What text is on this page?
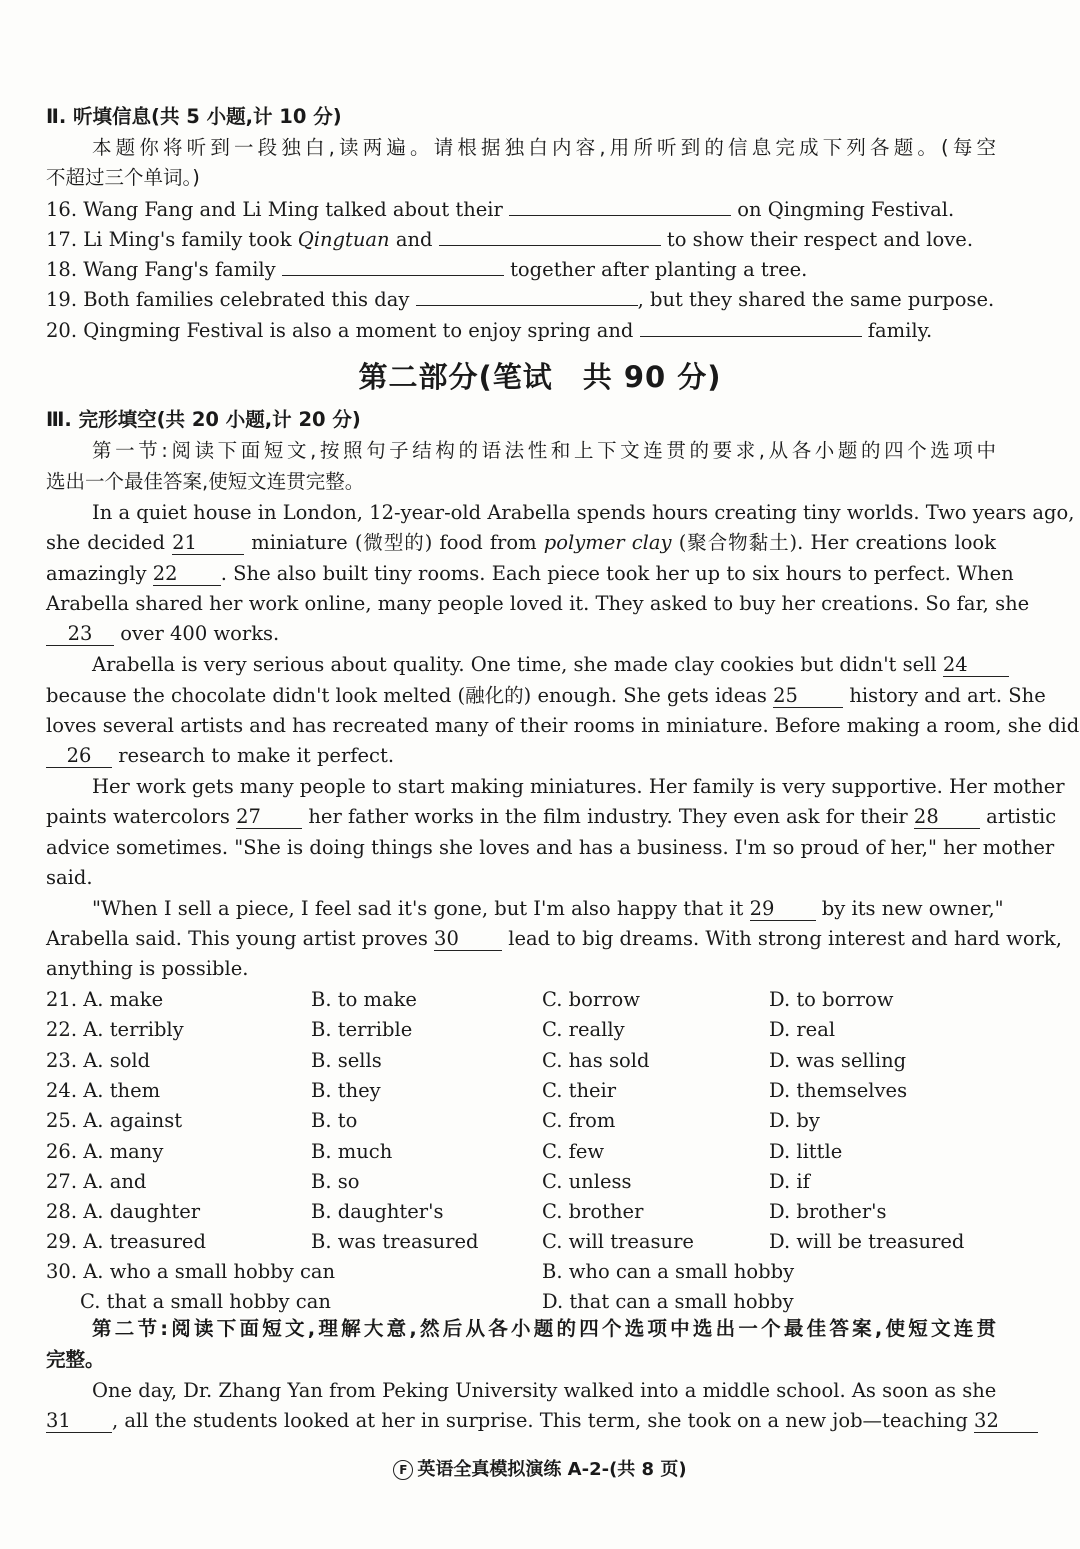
Ⅱ. 听填信息(共 5 小题,计 10 分)
本题你将听到一段独白,读两遍。请根据独白内容,用所听到的信息完成下列各题。(每空
不超过三个单词。)
16. Wang Fang and Li Ming talked about their	on Qingming Festival.
17. Li Ming's family took Qingtuan and	to show their respect and love.
18. Wang Fang's family	together after planting a tree.
19. Both families celebrated this day	, but they shared the same purpose.
20. Qingming Festival is also a moment to enjoy spring and	family.
第二部分(笔试　共 90 分)
Ⅲ. 完形填空(共 20 小题,计 20 分)
第一节:阅读下面短文,按照句子结构的语法性和上下文连贯的要求,从各小题的四个选项中
选出一个最佳答案,使短文连贯完整。
In a quiet house in London, 12-year-old Arabella spends hours creating tiny worlds. Two years ago,
she decided 21	miniature (微型的) food from polymer clay (聚合物黏土). Her creations look
amazingly 22 . She also built tiny rooms. Each piece took her up to six hours to perfect. When
Arabella shared her work online, many people loved it. They asked to buy her creations. So far, she
23 over 400 works.
Arabella is very serious about quality. One time, she made clay cookies but didn't sell 24
because the chocolate didn't look melted (融化的) enough. She gets ideas 25	history and art. She
loves several artists and has recreated many of their rooms in miniature. Before making a room, she did
26 research to make it perfect.
Her work gets many people to start making miniatures. Her family is very supportive. Her mother
paints watercolors 27 her father works in the film industry. They even ask for their 28 artistic
advice sometimes. "She is doing things she loves and has a business. I'm so proud of her," her mother
said.
"When I sell a piece, I feel sad it's gone, but I'm also happy that it 29 by its new owner,"
Arabella said. This young artist proves 30	lead to big dreams. With strong interest and hard work,
anything is possible.
21. A. make	B. to make	C. borrow	D. to borrow
22. A. terribly	B. terrible	C. really	D. real
23. A. sold	B. sells	C. has sold	D. was selling
24. A. them	B. they	C. their	D. themselves
25. A. against	B. to	C. from	D. by
26. A. many	B. much	C. few	D. little
27. A. and	B. so	C. unless	D. if
28. A. daughter	B. daughter's	C. brother	D. brother's
29. A. treasured	B. was treasured	C. will treasure	D. will be treasured
30. A. who a small hobby can	B. who can a small hobby
C. that a small hobby can	D. that can a small hobby
第二节:阅读下面短文,理解大意,然后从各小题的四个选项中选出一个最佳答案,使短文连贯
完整。
One day, Dr. Zhang Yan from Peking University walked into a middle school. As soon as she
31 , all the students looked at her in surprise. This term, she took on a new job—teaching 32
F 英语全真模拟演练 A-2-(共 8 页)
